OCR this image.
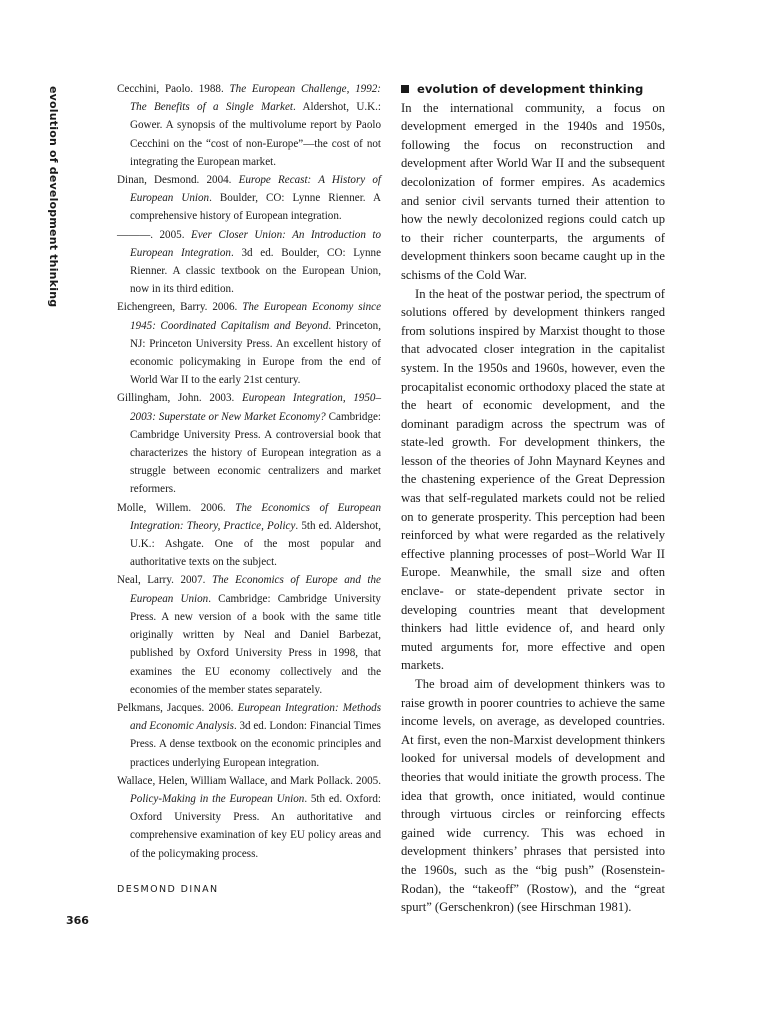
evolution of development thinking	Cecchini, Paolo. 1988. The European Challenge, 1992: The Benefits of a Single Market. Aldershot, U.K.: Gower. A synopsis of the multivolume report by Paolo Cecchini on the “cost of non-Europe”—the cost of not integrating the European market.
Dinan, Desmond. 2004. Europe Recast: A History of European Union. Boulder, CO: Lynne Rienner. A comprehensive history of European integration.
———. 2005. Ever Closer Union: An Introduction to European Integration. 3d ed. Boulder, CO: Lynne Rienner. A classic textbook on the European Union, now in its third edition.
Eichengreen, Barry. 2006. The European Economy since 1945: Coordinated Capitalism and Beyond. Princeton, NJ: Princeton University Press. An excellent history of economic policymaking in Europe from the end of World War II to the early 21st century.
Gillingham, John. 2003. European Integration, 1950–2003: Superstate or New Market Economy? Cambridge: Cambridge University Press. A controversial book that characterizes the history of European integration as a struggle between economic centralizers and market reformers.
Molle, Willem. 2006. The Economics of European Integration: Theory, Practice, Policy. 5th ed. Aldershot, U.K.: Ashgate. One of the most popular and authoritative texts on the subject.
Neal, Larry. 2007. The Economics of Europe and the European Union. Cambridge: Cambridge University Press. A new version of a book with the same title originally written by Neal and Daniel Barbezat, published by Oxford University Press in 1998, that examines the EU economy collectively and the economies of the member states separately.
Pelkmans, Jacques. 2006. European Integration: Methods and Economic Analysis. 3d ed. London: Financial Times Press. A dense textbook on the economic principles and practices underlying European integration.
Wallace, Helen, William Wallace, and Mark Pollack. 2005. Policy-Making in the European Union. 5th ed. Oxford: Oxford University Press. An authoritative and comprehensive examination of key EU policy areas and of the policymaking process.
DESMOND DINAN
evolution of development thinking

In the international community, a focus on development emerged in the 1940s and 1950s, following the focus on reconstruction and development after World War II and the subsequent decolonization of former empires. As academics and senior civil servants turned their attention to how the newly decolonized regions could catch up to their richer counterparts, the arguments of development thinkers soon became caught up in the schisms of the Cold War.

In the heat of the postwar period, the spectrum of solutions offered by development thinkers ranged from solutions inspired by Marxist thought to those that advocated closer integration in the capitalist system. In the 1950s and 1960s, however, even the procapitalist economic orthodoxy placed the state at the heart of economic development, and the dominant paradigm across the spectrum was of state-led growth. For development thinkers, the lesson of the theories of John Maynard Keynes and the chastening experience of the Great Depression was that self-regulated markets could not be relied on to generate prosperity. This perception had been reinforced by what were regarded as the relatively effective planning processes of post–World War II Europe. Meanwhile, the small size and often enclave- or state-dependent private sector in developing countries meant that development thinkers had little evidence of, and heard only muted arguments for, more effective and open markets.

The broad aim of development thinkers was to raise growth in poorer countries to achieve the same income levels, on average, as developed countries. At first, even the non-Marxist development thinkers looked for universal models of development and theories that would initiate the growth process. The idea that growth, once initiated, would continue through virtuous circles or reinforcing effects gained wide currency. This was echoed in development thinkers’ phrases that persisted into the 1960s, such as the “big push” (Rosenstein-Rodan), the “takeoff” (Rostow), and the “great spurt” (Gerschenkron) (see Hirschman 1981).

366
